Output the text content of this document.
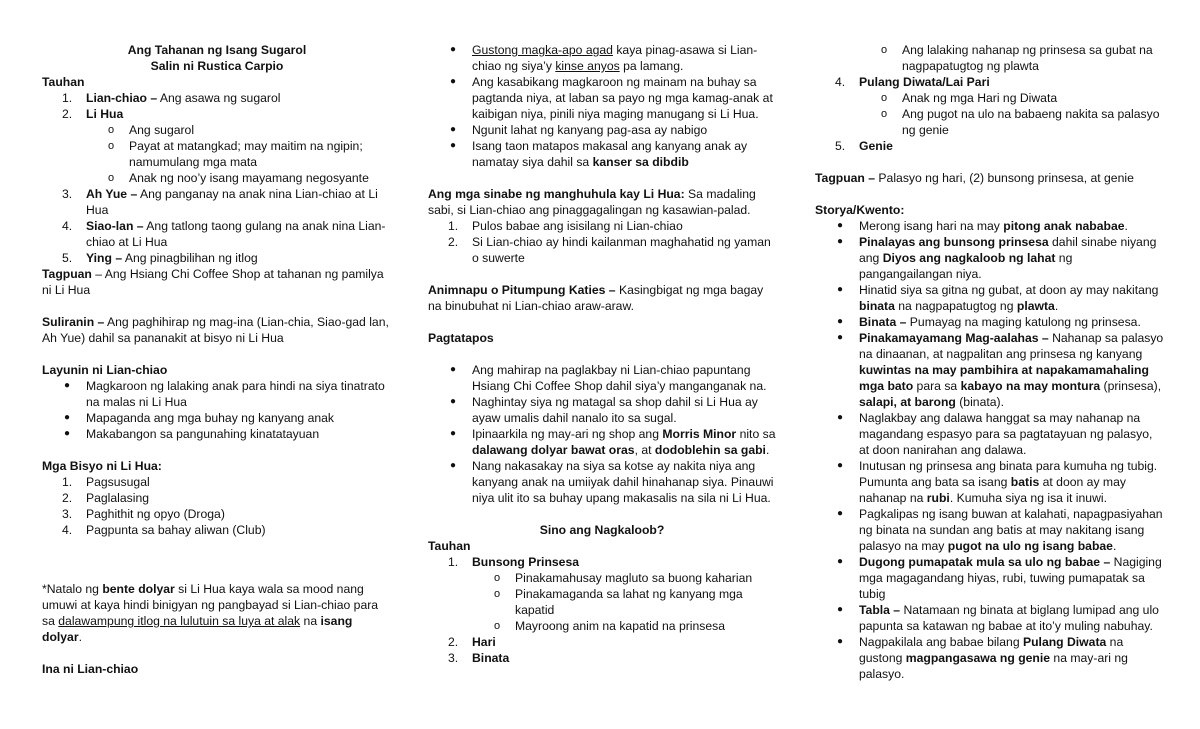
Ang Tahanan ng Isang Sugarol
Salin ni Rustica Carpio
Tauhan
1. Lian-chiao – Ang asawa ng sugarol
2. Li Hua
o Ang sugarol
o Payat at matangkad; may maitim na ngipin; namumulang mga mata
o Anak ng noo’y isang mayamang negosyante
3. Ah Yue – Ang panganay na anak nina Lian-chiao at Li Hua
4. Siao-lan – Ang tatlong taong gulang na anak nina Lian-chiao at Li Hua
5. Ying – Ang pinagbilihan ng itlog

Tagpuan – Ang Hsiang Chi Coffee Shop at tahanan ng pamilya ni Li Hua

Suliranin – Ang paghihirap ng mag-ina (Lian-chia, Siao-gad lan, Ah Yue) dahil sa pananakit at bisyo ni Li Hua

Layunin ni Lian-chiao
● Magkaroon ng lalaking anak para hindi na siya tinatrato na malas ni Li Hua
● Mapaganda ang mga buhay ng kanyang anak
● Makabangon sa pangunahing kinatatayuan
Mga Bisyo ni Li Hua:
1. Pagsusugal
2. Paglalasing
3. Paghithit ng opyo (Droga)
4. Pagpunta sa bahay aliwan (Club)

*Natalo ng bente dolyar si Li Hua kaya wala sa mood nang umuwi at kaya hindi binigyan ng pangbayad si Lian-chiao para sa dalawampung itlog na lulutuin sa luya at alak na isang dolyar.

Ina ni Lian-chiao
● Gustong magka-apo agad kaya pinag-asawa si Lian-chiao ng siya’y kinse anyos pa lamang.
● Ang kasabikang magkaroon ng mainam na buhay sa pagtanda niya, at laban sa payo ng mga kamag-anak at kaibigan niya, pinili niya maging manugang si Li Hua.
● Ngunit lahat ng kanyang pag-asa ay nabigo
● Isang taon matapos makasal ang kanyang anak ay namatay siya dahil sa kanser sa dibdib

Ang mga sinabe ng manghuhula kay Li Hua: Sa madaling sabi, si Lian-chiao ang pinaggagalingan ng kasawian-palad.

1. Pulos babae ang isisilang ni Lian-chiao
2. Si Lian-chiao ay hindi kailanman maghahatid ng yaman o suwerte

Animnapu o Pitumpung Katies – Kasingbigat ng mga bagay na binubuhat ni Lian-chiao araw-araw.

Pagtatapos
● Ang mahirap na paglakbay ni Lian-chiao papuntang Hsiang Chi Coffee Shop dahil siya’y manganganak na.
● Naghintay siya ng matagal sa shop dahil si Li Hua ay ayaw umalis dahil nanalo ito sa sugal.
● Ipinaarkila ng may-ari ng shop ang Morris Minor nito sa dalawang dolyar bawat oras, at dodoblehin sa gabi.
● Nang nakasakay na siya sa kotse ay nakita niya ang kanyang anak na umiiyak dahil hinahanap siya. Pinauwi niya ulit ito sa buhay upang makasalis na sila ni Li Hua.
Sino ang Nagkaloob?
Tauhan
1. Bunsong Prinsesa
o Pinakamahusay magluto sa buong kaharian
o Pinakamaganda sa lahat ng kanyang mga kapatid
o Mayroong anim na kapatid na prinsesa
2. Hari
3. Binata
o Ang lalaking nahanap ng prinsesa sa gubat na nagpapatugtog ng plawta
4. Pulang Diwata/Lai Pari
o Anak ng mga Hari ng Diwata
o Ang pugot na ulo na babaeng nakita sa palasyo ng genie
5. Genie

Tagpuan – Palasyo ng hari, (2) bunsong prinsesa, at genie

Storya/Kwento:
● Merong isang hari na may pitong anak nababae.
● Pinalayas ang bunsong prinsesa dahil sinabe niyang ang Diyos ang nagkaloob ng lahat ng pangangailangan niya.
● Hinatid siya sa gitna ng gubat, at doon ay may nakitang binata na nagpapatugtog ng plawta.
● Binata – Pumayag na maging katulong ng prinsesa.
● Pinakamayamang Mag-aalahas – Nahanap sa palasyo na dinaanan, at nagpalitan ang prinsesa ng kanyang kuwintas na may pambihira at napakamamahaling mga bato para sa kabayo na may montura (prinsesa), salapi, at barong (binata).
● Naglakbay ang dalawa hanggat sa may nahanap na magandang espasyo para sa pagtatayuan ng palasyo, at doon nanirahan ang dalawa.
● Inutusan ng prinsesa ang binata para kumuha ng tubig. Pumunta ang bata sa isang batis at doon ay may nahanap na rubi. Kumuha siya ng isa it inuwi.
● Pagkalipas ng isang buwan at kalahati, napagpasiyahan ng binata na sundan ang batis at may nakitang isang palasyo na may pugot na ulo ng isang babae.
● Dugong pumapatak mula sa ulo ng babae – Nagiging mga magagandang hiyas, rubi, tuwing pumapatak sa tubig
● Tabla – Natamaan ng binata at biglang lumipad ang ulo papunta sa katawan ng babae at ito’y muling nabuhay.
● Nagpakilala ang babae bilang Pulang Diwata na gustong magpangasawa ng genie na may-ari ng palasyo.
